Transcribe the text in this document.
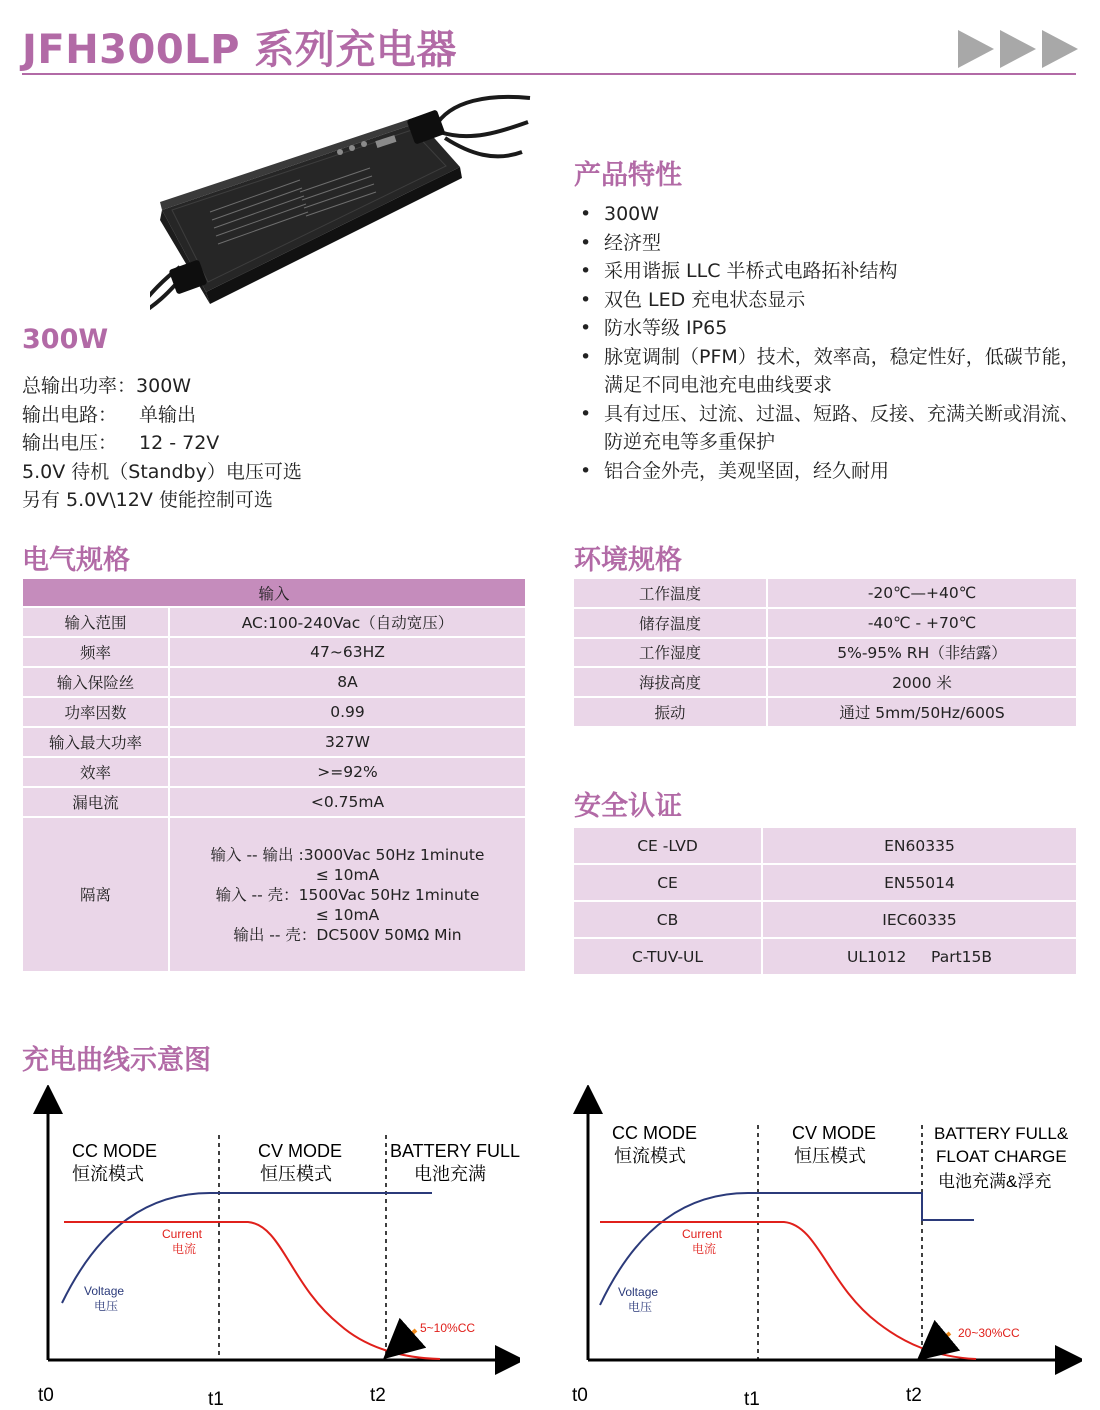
JFH300LP 系列充电器
300W
总输出功率： 300W
输出电路：	单输出
输出电压：	12 - 72V
5.0V 待机（Standby）电压可选
另有 5.0V\12V 使能控制可选
产品特性
• 300W
• 经济型
• 采用谐振 LLC 半桥式电路拓补结构
• 双色 LED 充电状态显示
• 防水等级 IP65
• 脉宽调制（PFM）技术，效率高，稳定性好，低碳节能，满足不同电池充电曲线要求
• 具有过压、过流、过温、短路、反接、充满关断或涓流、防逆充电等多重保护
• 铝合金外壳，美观坚固，经久耐用
电气规格
输入	
输入范围	AC:100-240Vac（自动宽压）
频率	47~63HZ
输入保险丝	8A
功率因数	0.99
输入最大功率	327W
效率	>=92%
漏电流	<0.75mA
隔离	输入 -- 输出 :3000Vac 50Hz 1minute
≤ 10mA
输入 -- 壳：1500Vac 50Hz 1minute
≤ 10mA
输出 -- 壳：DC500V 50MΩ Min
环境规格
工作温度	-20℃—+40℃
储存温度	-40℃ - +70℃
工作湿度	5%-95% RH（非结露）
海拔高度	2000 米
振动	通过 5mm/50Hz/600S
安全认证
CE -LVD	EN60335
CE	EN55014
CB	IEC60335
C-TUV-UL	UL1012     Part15B
充电曲线示意图
CC MODE
恒流模式
CV MODE
恒压模式
BATTERY FULL
电池充满
Current
电流
Voltage
电压
5~10%CC
t0	t1	t2
CC MODE
恒流模式
CV MODE
恒压模式
BATTERY FULL&
FLOAT CHARGE
电池充满&浮充
Current
电流
Voltage
电压
20~30%CC
t0	t1	t2
